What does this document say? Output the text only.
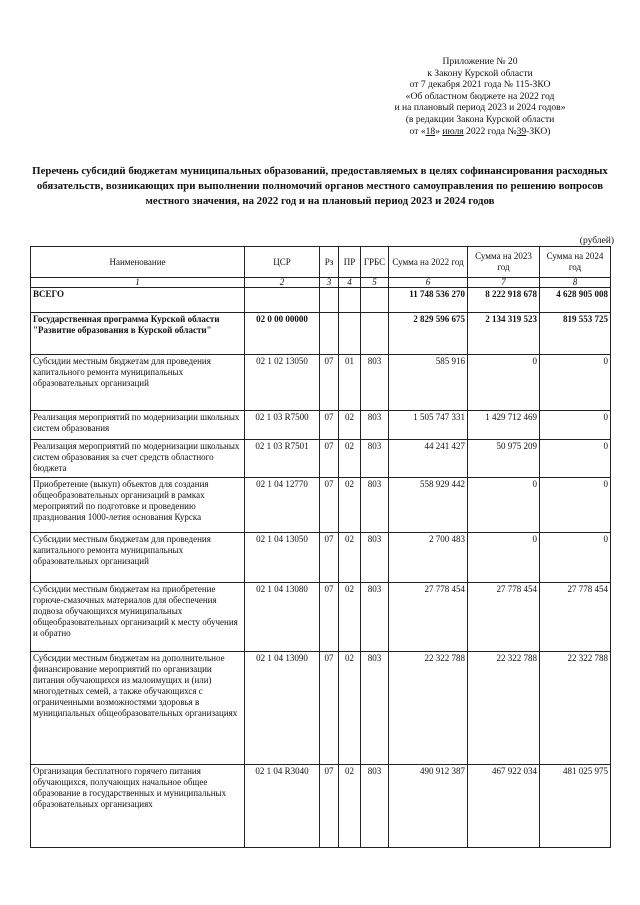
Приложение № 20
к Закону Курской области
от 7 декабря 2021 года № 115-ЗКО
«Об областном бюджете на 2022 год
и на плановый период 2023 и 2024 годов»
(в редакции Закона Курской области
от «18» июля 2022 года №39-ЗКО)
Перечень субсидий бюджетам муниципальных образований, предоставляемых в целях софинансирования расходных обязательств, возникающих при выполнении полномочий органов местного самоуправления по решению вопросов местного значения, на 2022 год и на плановый период 2023 и 2024 годов
(рублей)
Наименование	ЦСР	Рз	ПР	ГРБС	Сумма на 2022 год	Сумма на 2023 год	Сумма на 2024 год
1	2	3	4	5	6	7	8
ВСЕГО					11 748 536 270	8 222 918 678	4 628 905 008
Государственная программа Курской области "Развитие образования в Курской области"	02 0 00 00000				2 829 596 675	2 134 319 523	819 553 725
Субсидии местным бюджетам для проведения капитального ремонта муниципальных образовательных организаций	02 1 02 13050	07	01	803	585 916	0	0
Реализация мероприятий по модернизации школьных систем образования	02 1 03 R7500	07	02	803	1 505 747 331	1 429 712 469	0
Реализация мероприятий по модернизации школьных систем образования за счет средств областного бюджета	02 1 03 R7501	07	02	803	44 241 427	50 975 209	0
Приобретение (выкуп) объектов для создания общеобразовательных организаций в рамках мероприятий по подготовке и проведению празднования 1000-летия основания Курска	02 1 04 12770	07	02	803	558 929 442	0	0
Субсидии местным бюджетам для проведения капитального ремонта муниципальных образовательных организаций	02 1 04 13050	07	02	803	2 700 483	0	0
Субсидии местным бюджетам на приобретение горюче-смазочных материалов для обеспечения подвоза обучающихся муниципальных общеобразовательных организаций к месту обучения и обратно	02 1 04 13080	07	02	803	27 778 454	27 778 454	27 778 454
Субсидии местным бюджетам на дополнительное финансирование мероприятий по организации питания обучающихся из малоимущих и (или) многодетных семей, а также обучающихся с ограниченными возможностями здоровья в муниципальных общеобразовательных организациях	02 1 04 13090	07	02	803	22 322 788	22 322 788	22 322 788
Организация бесплатного горячего питания обучающихся, получающих начальное общее образование в государственных и муниципальных образовательных организациях	02 1 04 R3040	07	02	803	490 912 387	467 922 034	481 025 975
